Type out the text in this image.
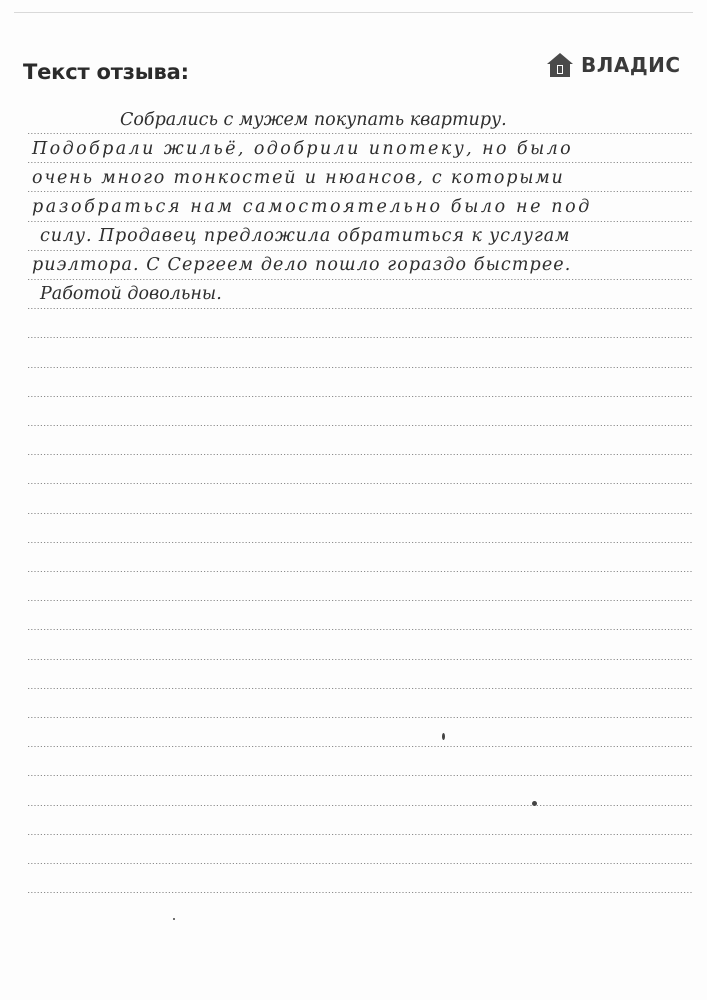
Текст отзыва:	ВЛАДИС
Собрались с мужем покупать квартиру.
Подобрали жильё, одобрили ипотеку, но было
очень много тонкостей и нюансов, с которыми
разобраться нам самостоятельно было не под
силу. Продавец предложила обратиться к услугам
риэлтора. С Сергеем дело пошло гораздо быстрее.
Работой довольны.
